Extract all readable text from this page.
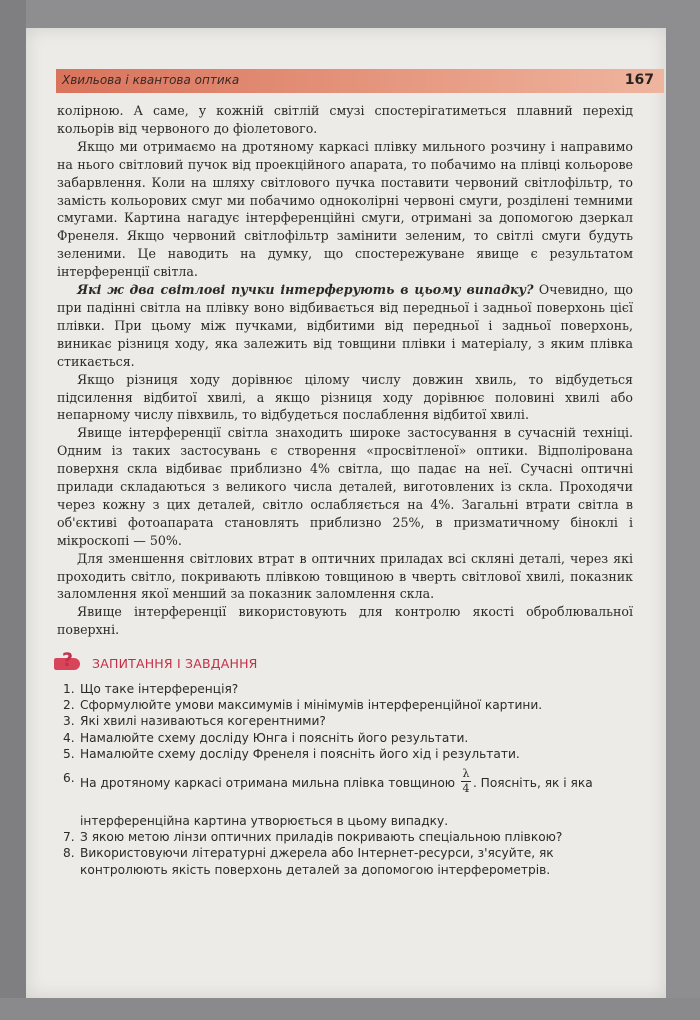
Хвильова і квантова оптика	167

колірною. А саме, у кожній світлій смузі спостерігатиметься плавний перехід кольорів від червоного до фіолетового.

Якщо ми отримаємо на дротяному каркасі плівку мильного розчину і направимо на нього світловий пучок від проекційного апарата, то побачимо на плівці кольорове забарвлення. Коли на шляху світлового пучка поставити червоний світлофільтр, то замість кольорових смуг ми побачимо одноколірні червоні смуги, розділені темними смугами. Картина нагадує інтерференційні смуги, отримані за допомогою дзеркал Френеля. Якщо червоний світлофільтр замінити зеленим, то світлі смуги будуть зеленими. Це наводить на думку, що спостережуване явище є результатом інтерференції світла.

Які ж два світлові пучки інтерферують в цьому випадку? Очевидно, що при падінні світла на плівку воно відбивається від передньої і задньої поверхонь цієї плівки. При цьому між пучками, відбитими від передньої і задньої поверхонь, виникає різниця ходу, яка залежить від товщини плівки і матеріалу, з яким плівка стикається.

Якщо різниця ходу дорівнює цілому числу довжин хвиль, то відбудеться підсилення відбитої хвилі, а якщо різниця ходу дорівнює половині хвилі або непарному числу півхвиль, то відбудеться послаблення відбитої хвилі.

Явище інтерференції світла знаходить широке застосування в сучасній техніці. Одним із таких застосувань є створення «просвітленої» оптики. Відполірована поверхня скла відбиває приблизно 4% світла, що падає на неї. Сучасні оптичні прилади складаються з великого числа деталей, виготовлених із скла. Проходячи через кожну з цих деталей, світло ослабляється на 4%. Загальні втрати світла в об'єктиві фотоапарата становлять приблизно 25%, в призматичному біноклі і мікроскопі — 50%.

Для зменшення світлових втрат в оптичних приладах всі скляні деталі, через які проходить світло, покривають плівкою товщиною в чверть світлової хвилі, показник заломлення якої менший за показник заломлення скла.

Явище інтерференції використовують для контролю якості оброблювальної поверхні.

? ЗАПИТАННЯ І ЗАВДАННЯ
1. Що таке інтерференція?
2. Сформулюйте умови максимумів і мінімумів інтерференційної картини.
3. Які хвилі називаються когерентними?
4. Намалюйте схему досліду Юнга і поясніть його результати.
5. Намалюйте схему досліду Френеля і поясніть його хід і результати.
6. На дротяному каркасі отримана мильна плівка товщиною $\frac{\lambda}{4}$ . Поясніть, як і яка
інтерференційна картина утворюється в цьому випадку.
7. З якою метою лінзи оптичних приладів покривають спеціальною плівкою?
8. Використовуючи літературні джерела або Інтернет-ресурси, з'ясуйте, як контролюють якість поверхонь деталей за допомогою інтерферометрів.
